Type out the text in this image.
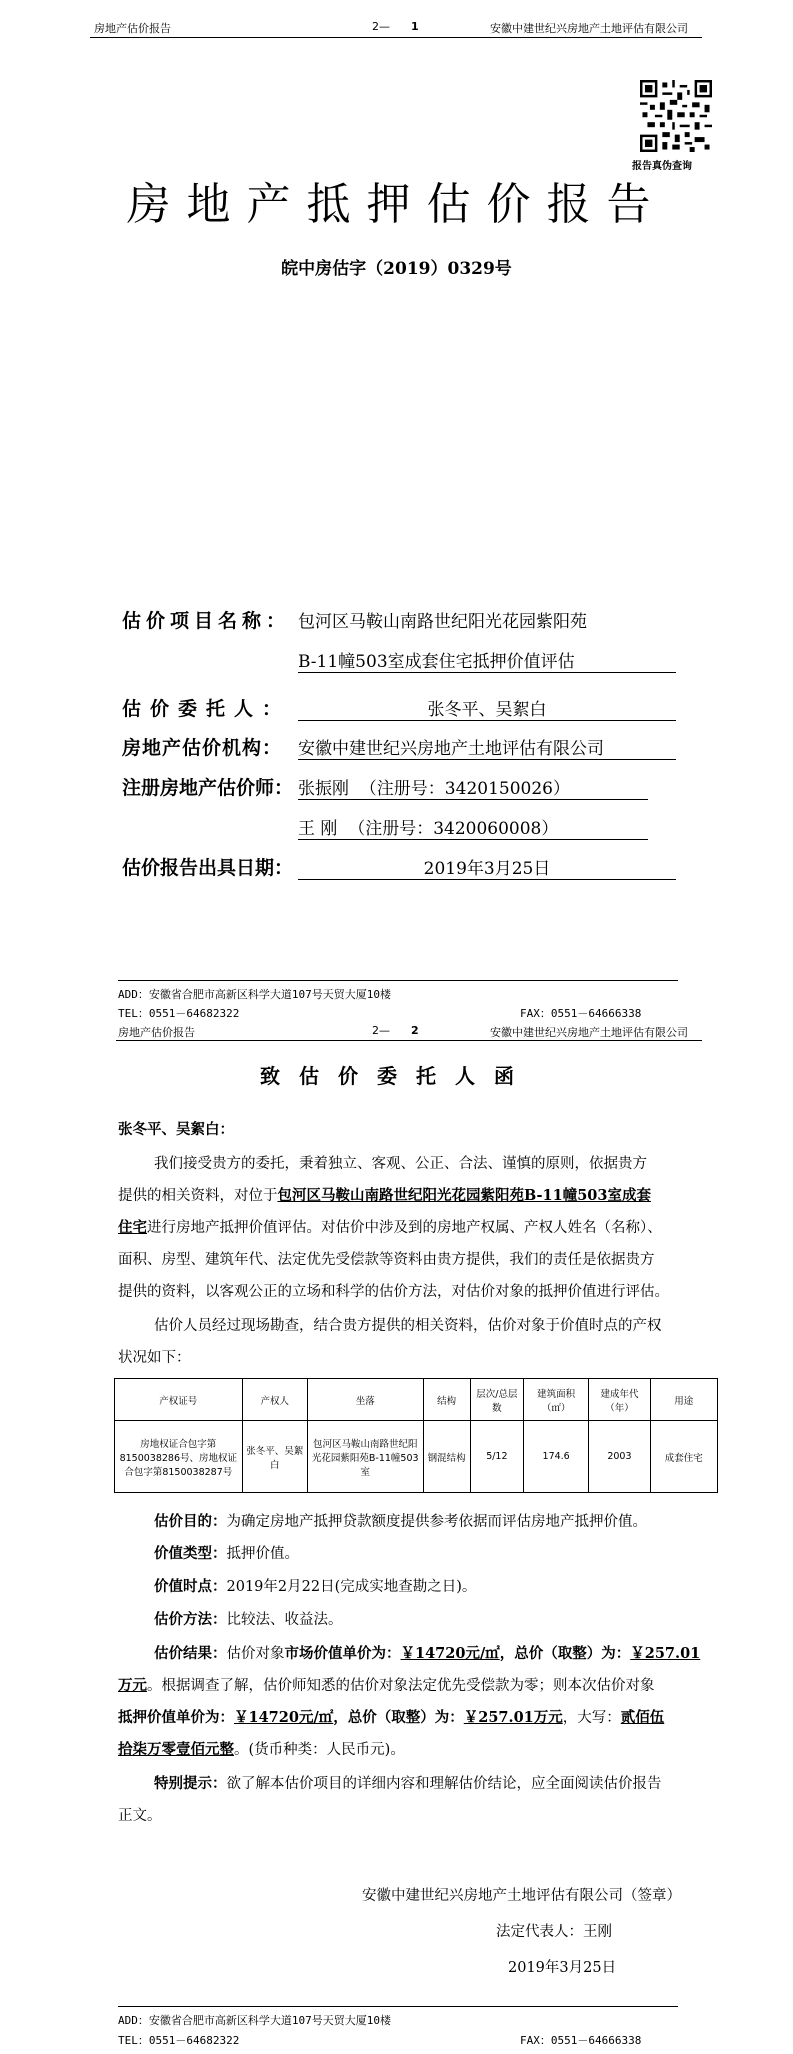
房地产估价报告	2— 1	安徽中建世纪兴房地产土地评估有限公司
报告真伪查询
房地产抵押估价报告
皖中房估字（2019）0329号
估价项目名称： 包河区马鞍山南路世纪阳光花园紫阳苑
B-11幢503室成套住宅抵押价值评估
估价委托人：	张冬平、吴絮白
房地产估价机构： 安徽中建世纪兴房地产土地评估有限公司
注册房地产估价师： 张振刚  （注册号：3420150026）
王 刚  （注册号：3420060008）
估价报告出具日期：	2019年3月25日
ADD：安徽省合肥市高新区科学大道107号天贸大厦10楼
TEL：0551－64682322	FAX：0551－64666338
房地产估价报告	2— 2	安徽中建世纪兴房地产土地评估有限公司
致估价委托人函
张冬平、吴絮白：
我们接受贵方的委托，秉着独立、客观、公正、合法、谨慎的原则，依据贵方
提供的相关资料，对位于包河区马鞍山南路世纪阳光花园紫阳苑B-11幢503室成套
住宅进行房地产抵押价值评估。对估价中涉及到的房地产权属、产权人姓名（名称）、
面积、房型、建筑年代、法定优先受偿款等资料由贵方提供，我们的责任是依据贵方
提供的资料，以客观公正的立场和科学的估价方法，对估价对象的抵押价值进行评估。
估价人员经过现场勘查，结合贵方提供的相关资料，估价对象于价值时点的产权
状况如下：
产权证号	产权人	坐落	结构	层次/总层数	建筑面积（㎡）	建成年代（年）	用途
房地权证合包字第8150038286号、房地权证合包字第8150038287号	张冬平、吴絮白	包河区马鞍山南路世纪阳光花园紫阳苑B-11幢503室	钢混结构	5/12	174.6	2003	成套住宅
估价目的：为确定房地产抵押贷款额度提供参考依据而评估房地产抵押价值。
价值类型：抵押价值。
价值时点：2019年2月22日(完成实地查勘之日)。
估价方法：比较法、收益法。
估价结果：估价对象市场价值单价为：￥14720元/㎡，总价（取整）为：￥257.01
万元。根据调查了解，估价师知悉的估价对象法定优先受偿款为零；则本次估价对象
抵押价值单价为：￥14720元/㎡，总价（取整）为：￥257.01万元，大写：贰佰伍
拾柒万零壹佰元整。(货币种类：人民币元)。
特别提示：欲了解本估价项目的详细内容和理解估价结论，应全面阅读估价报告
正文。
安徽中建世纪兴房地产土地评估有限公司（签章）
法定代表人：王刚
2019年3月25日
ADD：安徽省合肥市高新区科学大道107号天贸大厦10楼
TEL：0551－64682322	FAX：0551－64666338
